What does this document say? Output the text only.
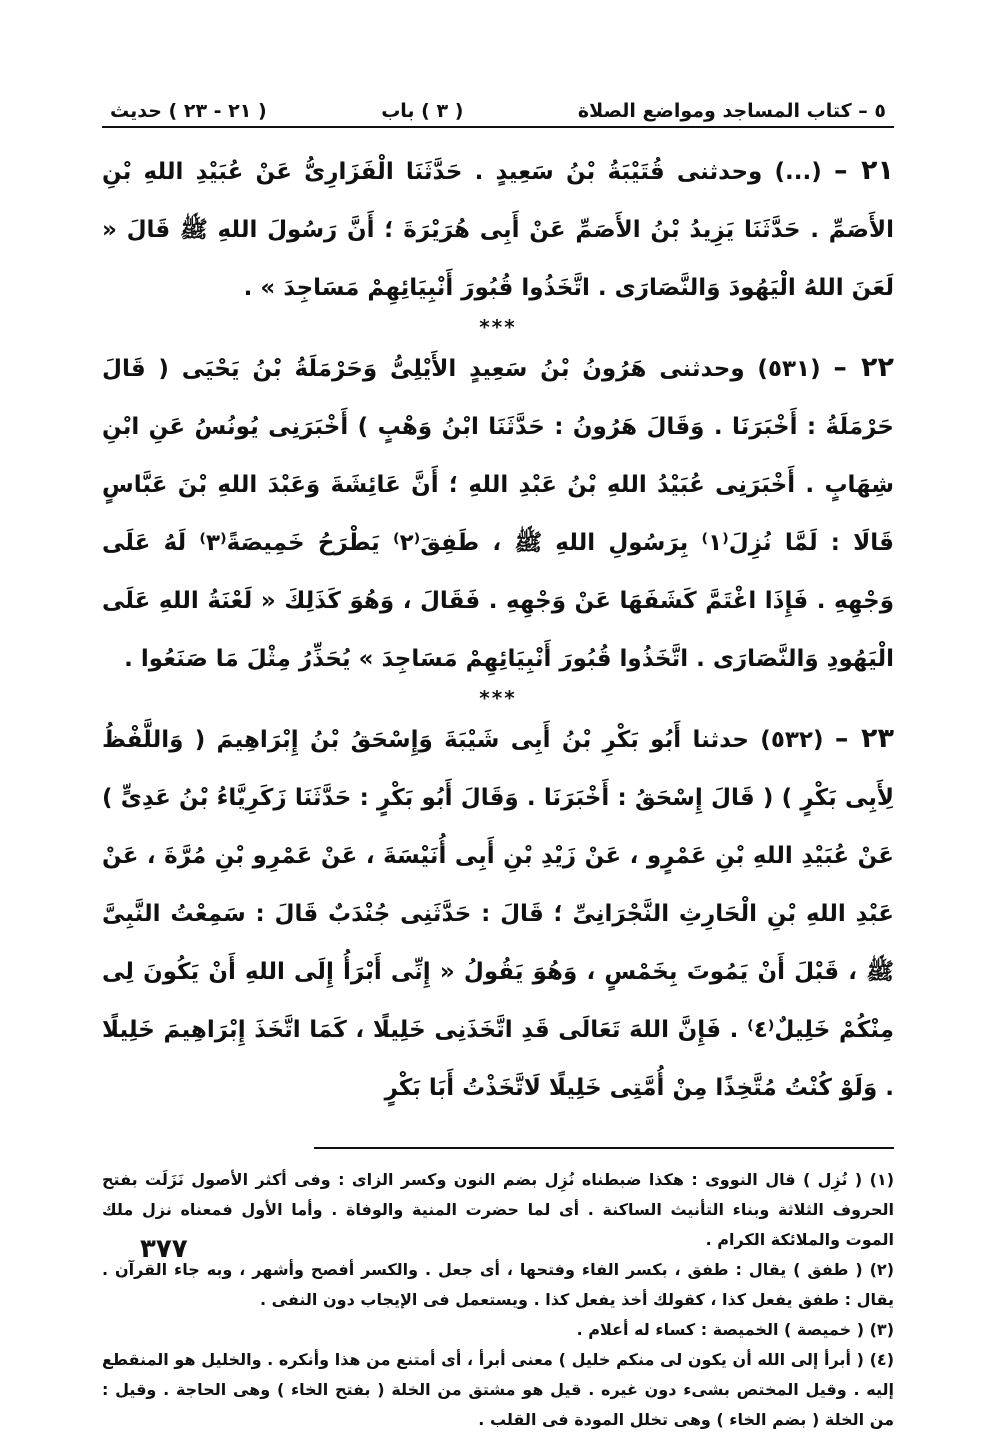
٥ – كتاب المساجد ومواضع الصلاة
( ٣ ) باب
( ٢١ - ٢٣ ) حديث

٢١ – (...) وحدثنى قُتَيْبَةُ بْنُ سَعِيدٍ . حَدَّثَنَا الْفَزَارِىُّ عَنْ عُبَيْدِ اللهِ بْنِ الأَصَمِّ . حَدَّثَنَا يَزِيدُ بْنُ الأَصَمِّ عَنْ أَبِى هُرَيْرَةَ ؛ أَنَّ رَسُولَ اللهِ ﷺ قَالَ « لَعَنَ اللهُ الْيَهُودَ وَالنَّصَارَى . اتَّخَذُوا قُبُورَ أَنْبِيَائِهِمْ مَسَاجِدَ » .

***

٢٢ – (٥٣١) وحدثنى هَرُونُ بْنُ سَعِيدٍ الأَيْلِىُّ وَحَرْمَلَةُ بْنُ يَحْيَى ( قَالَ حَرْمَلَةُ : أَخْبَرَنَا . وَقَالَ هَرُونُ : حَدَّثَنَا ابْنُ وَهْبٍ ) أَخْبَرَنِى يُونُسُ عَنِ ابْنِ شِهَابٍ . أَخْبَرَنِى عُبَيْدُ اللهِ بْنُ عَبْدِ اللهِ ؛ أَنَّ عَائِشَةَ وَعَبْدَ اللهِ بْنَ عَبَّاسٍ قَالَا : لَمَّا نُزِلَ⁽١⁾ بِرَسُولِ اللهِ ﷺ ، طَفِقَ⁽٢⁾ يَطْرَحُ خَمِيصَةً⁽٣⁾ لَهُ عَلَى وَجْهِهِ . فَإِذَا اغْتَمَّ كَشَفَهَا عَنْ وَجْهِهِ . فَقَالَ ، وَهُوَ كَذَلِكَ « لَعْنَةُ اللهِ عَلَى الْيَهُودِ وَالنَّصَارَى . اتَّخَذُوا قُبُورَ أَنْبِيَائِهِمْ مَسَاجِدَ » يُحَذِّرُ مِثْلَ مَا صَنَعُوا .

***

٢٣ – (٥٣٢) حدثنا أَبُو بَكْرِ بْنُ أَبِى شَيْبَةَ وَإِسْحَقُ بْنُ إِبْرَاهِيمَ ( وَاللَّفْظُ لِأَبِى بَكْرٍ ) ( قَالَ إِسْحَقُ : أَخْبَرَنَا . وَقَالَ أَبُو بَكْرٍ : حَدَّثَنَا زَكَرِيَّاءُ بْنُ عَدِىٍّ ) عَنْ عُبَيْدِ اللهِ بْنِ عَمْرٍو ، عَنْ زَيْدِ بْنِ أَبِى أُنَيْسَةَ ، عَنْ عَمْرِو بْنِ مُرَّةَ ، عَنْ عَبْدِ اللهِ بْنِ الْحَارِثِ النَّجْرَانِىِّ ؛ قَالَ : حَدَّثَنِى جُنْدَبٌ قَالَ : سَمِعْتُ النَّبِىَّ ﷺ ، قَبْلَ أَنْ يَمُوتَ بِخَمْسٍ ، وَهُوَ يَقُولُ « إِنِّى أَبْرَأُ إِلَى اللهِ أَنْ يَكُونَ لِى مِنْكُمْ خَلِيلٌ⁽٤⁾ . فَإِنَّ اللهَ تَعَالَى قَدِ اتَّخَذَنِى خَلِيلًا ، كَمَا اتَّخَذَ إِبْرَاهِيمَ خَلِيلًا . وَلَوْ كُنْتُ مُتَّخِذًا مِنْ أُمَّتِى خَلِيلًا لَاتَّخَذْتُ أَبَا بَكْرٍ

(١) ( نُزِل ) قال النووى : هكذا ضبطناه نُزِل بضم النون وكسر الزاى : وفى أكثر الأصول نَزَلَت بفتح الحروف الثلاثة وبناء التأنيث الساكنة . أى لما حضرت المنية والوفاة . وأما الأول فمعناه نزل ملك الموت والملائكة الكرام .

(٢) ( طفق ) يقال : طفق ، بكسر الفاء وفتحها ، أى جعل . والكسر أفصح وأشهر ، وبه جاء القرآن . يقال : طفق يفعل كذا ، كقولك أخذ يفعل كذا . ويستعمل فى الإيجاب دون النفى .

(٣) ( خميصة ) الخميصة : كساء له أعلام .

(٤) ( أبرأ إلى الله أن يكون لى منكم خليل ) معنى أبرأ ، أى أمتنع من هذا وأنكره . والخليل هو المنقطع إليه . وقيل المختص بشىء دون غيره . قيل هو مشتق من الخلة ( بفتح الخاء ) وهى الحاجة . وقيل : من الخلة ( بضم الخاء ) وهى تخلل المودة فى القلب .

٣٧٧
